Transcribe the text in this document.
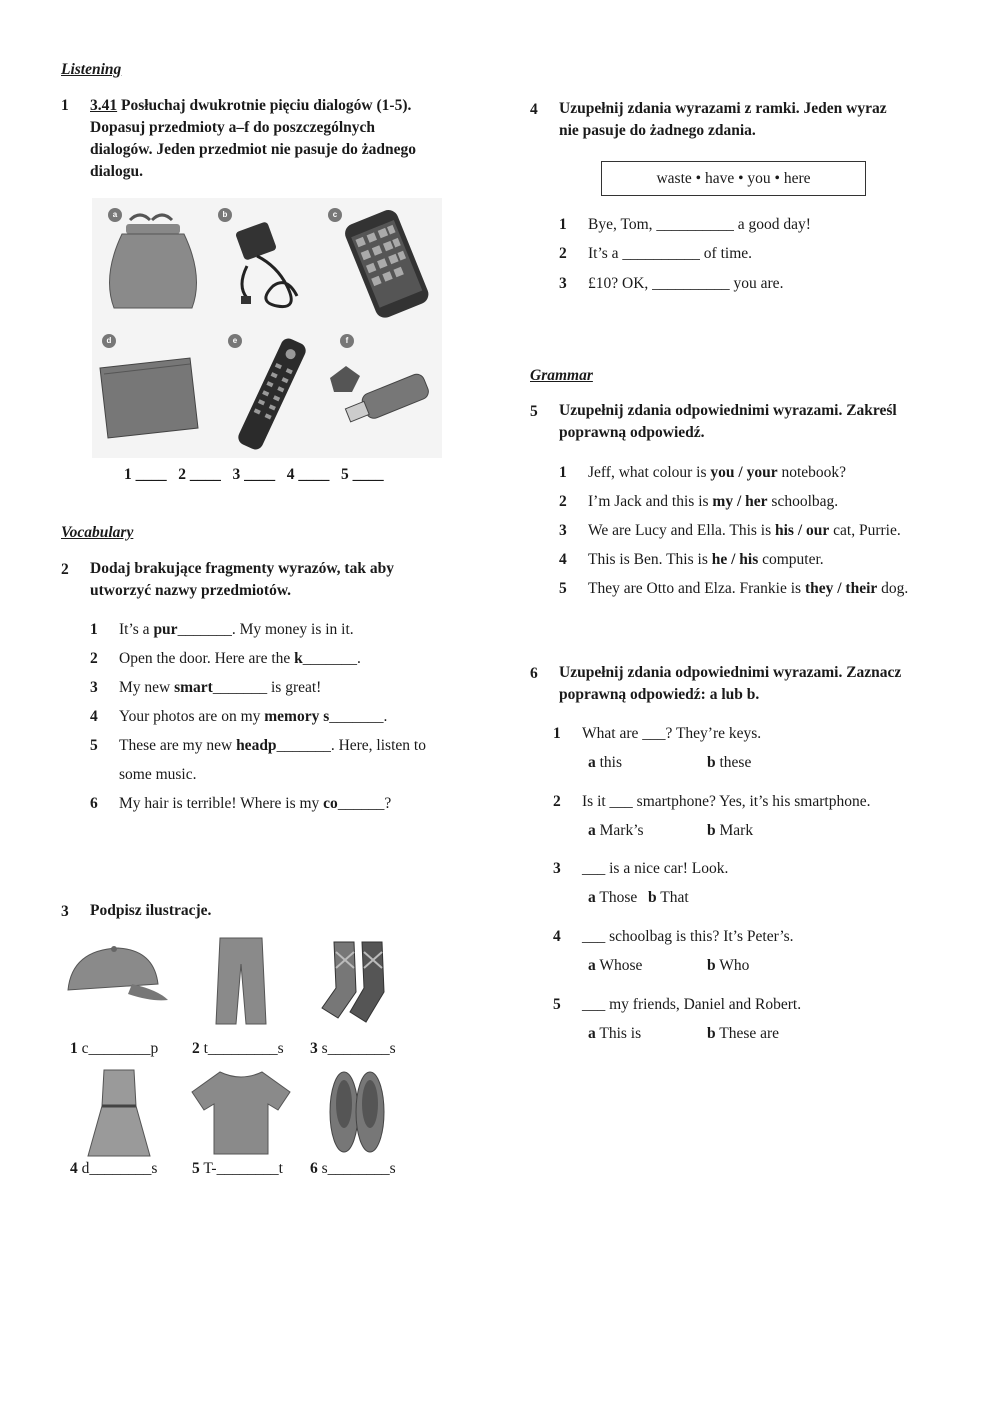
Listening
1 3.41 Posłuchaj dwukrotnie pięciu dialogów (1-5).
Dopasuj przedmioty a–f do poszczególnych
dialogów. Jeden przedmiot nie pasuje do żadnego
dialogu.
a	b	c
d	e	f
1 ____   2 ____   3 ____   4 ____   5 ____
Vocabulary
2 Dodaj brakujące fragmenty wyrazów, tak aby
utworzyć nazwy przedmiotów.
1 It’s a pur_______. My money is in it.
2 Open the door. Here are the k_______.
3 My new smart_______ is great!
4 Your photos are on my memory s_______.
5 These are my new headp_______. Here, listen to
some music.
6 My hair is terrible! Where is my co______?
3 Podpisz ilustracje.
1 c________p 2 t_________s 3 s________s
4 d________s 5 T-________t 6 s________s
4 Uzupełnij zdania wyrazami z ramki. Jeden wyraz
nie pasuje do żadnego zdania.
waste • have • you • here
1 Bye, Tom, __________ a good day!
2 It’s a __________ of time.
3 £10? OK, __________ you are.
Grammar
5 Uzupełnij zdania odpowiednimi wyrazami. Zakreśl
poprawną odpowiedź.
1 Jeff, what colour is you / your notebook?
2 I’m Jack and this is my / her schoolbag.
3 We are Lucy and Ella. This is his / our cat, Purrie.
4 This is Ben. This is he / his computer.
5 They are Otto and Elza. Frankie is they / their dog.
6 Uzupełnij zdania odpowiednimi wyrazami. Zaznacz
poprawną odpowiedź: a lub b.
1 What are ___? They’re keys.
a this	b these
2 Is it ___ smartphone? Yes, it’s his smartphone.
a Mark’s	b Mark
3 ___ is a nice car! Look.
a Those b That
4 ___ schoolbag is this? It’s Peter’s.
a Whose	b Who
5 ___ my friends, Daniel and Robert.
a This is	b These are
